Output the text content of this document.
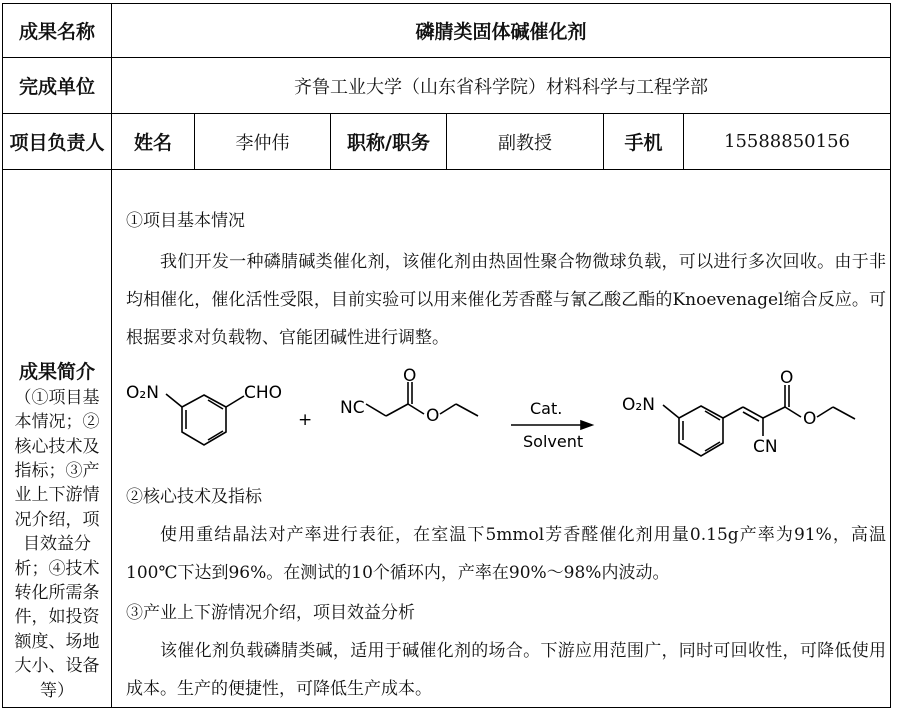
成果名称	磷腈类固体碱催化剂
完成单位	齐鲁工业大学（山东省科学院）材料科学与工程学部
项目负责人	姓名	李仲伟	职称/职务	副教授	手机	15588850156
成果简介
（①项目基本情况；②核心技术及指标；③产业上下游情况介绍，项目效益分析；④技术转化所需条件，如投资额度、场地大小、设备等）
①项目基本情况
我们开发一种磷腈碱类催化剂，该催化剂由热固性聚合物微球负载，可以进行多次回收。由于非均相催化，催化活性受限，目前实验可以用来催化芳香醛与氰乙酸乙酯的Knoevenagel缩合反应。可根据要求对负载物、官能团碱性进行调整。
O₂N	CHO
+
NC
O
O	Cat.
Solvent
O₂N
O
O
CN
②核心技术及指标
使用重结晶法对产率进行表征，在室温下5mmol芳香醛催化剂用量0.15g产率为91%，高温100℃下达到96%。在测试的10个循环内，产率在90%～98%内波动。
③产业上下游情况介绍，项目效益分析
该催化剂负载磷腈类碱，适用于碱催化剂的场合。下游应用范围广，同时可回收性，可降低使用成本。生产的便捷性，可降低生产成本。
